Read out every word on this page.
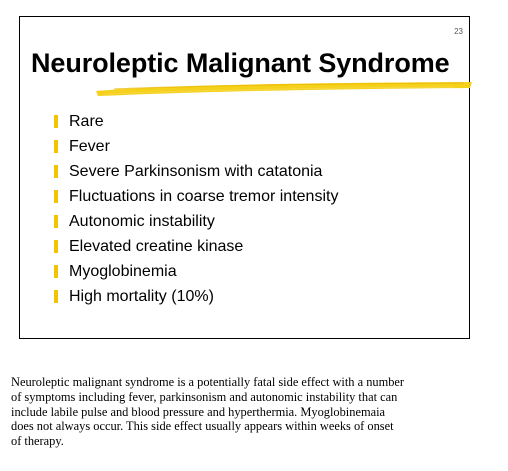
23
Neuroleptic Malignant Syndrome
Rare
Fever
Severe Parkinsonism with catatonia
Fluctuations in coarse tremor intensity
Autonomic instability
Elevated creatine kinase
Myoglobinemia
High mortality (10%)

Neuroleptic malignant syndrome is a potentially fatal side effect with a number
of symptoms including fever, parkinsonism and autonomic instability that can
include labile pulse and blood pressure and hyperthermia. Myoglobinemaia
does not always occur. This side effect usually appears within weeks of onset
of therapy.
